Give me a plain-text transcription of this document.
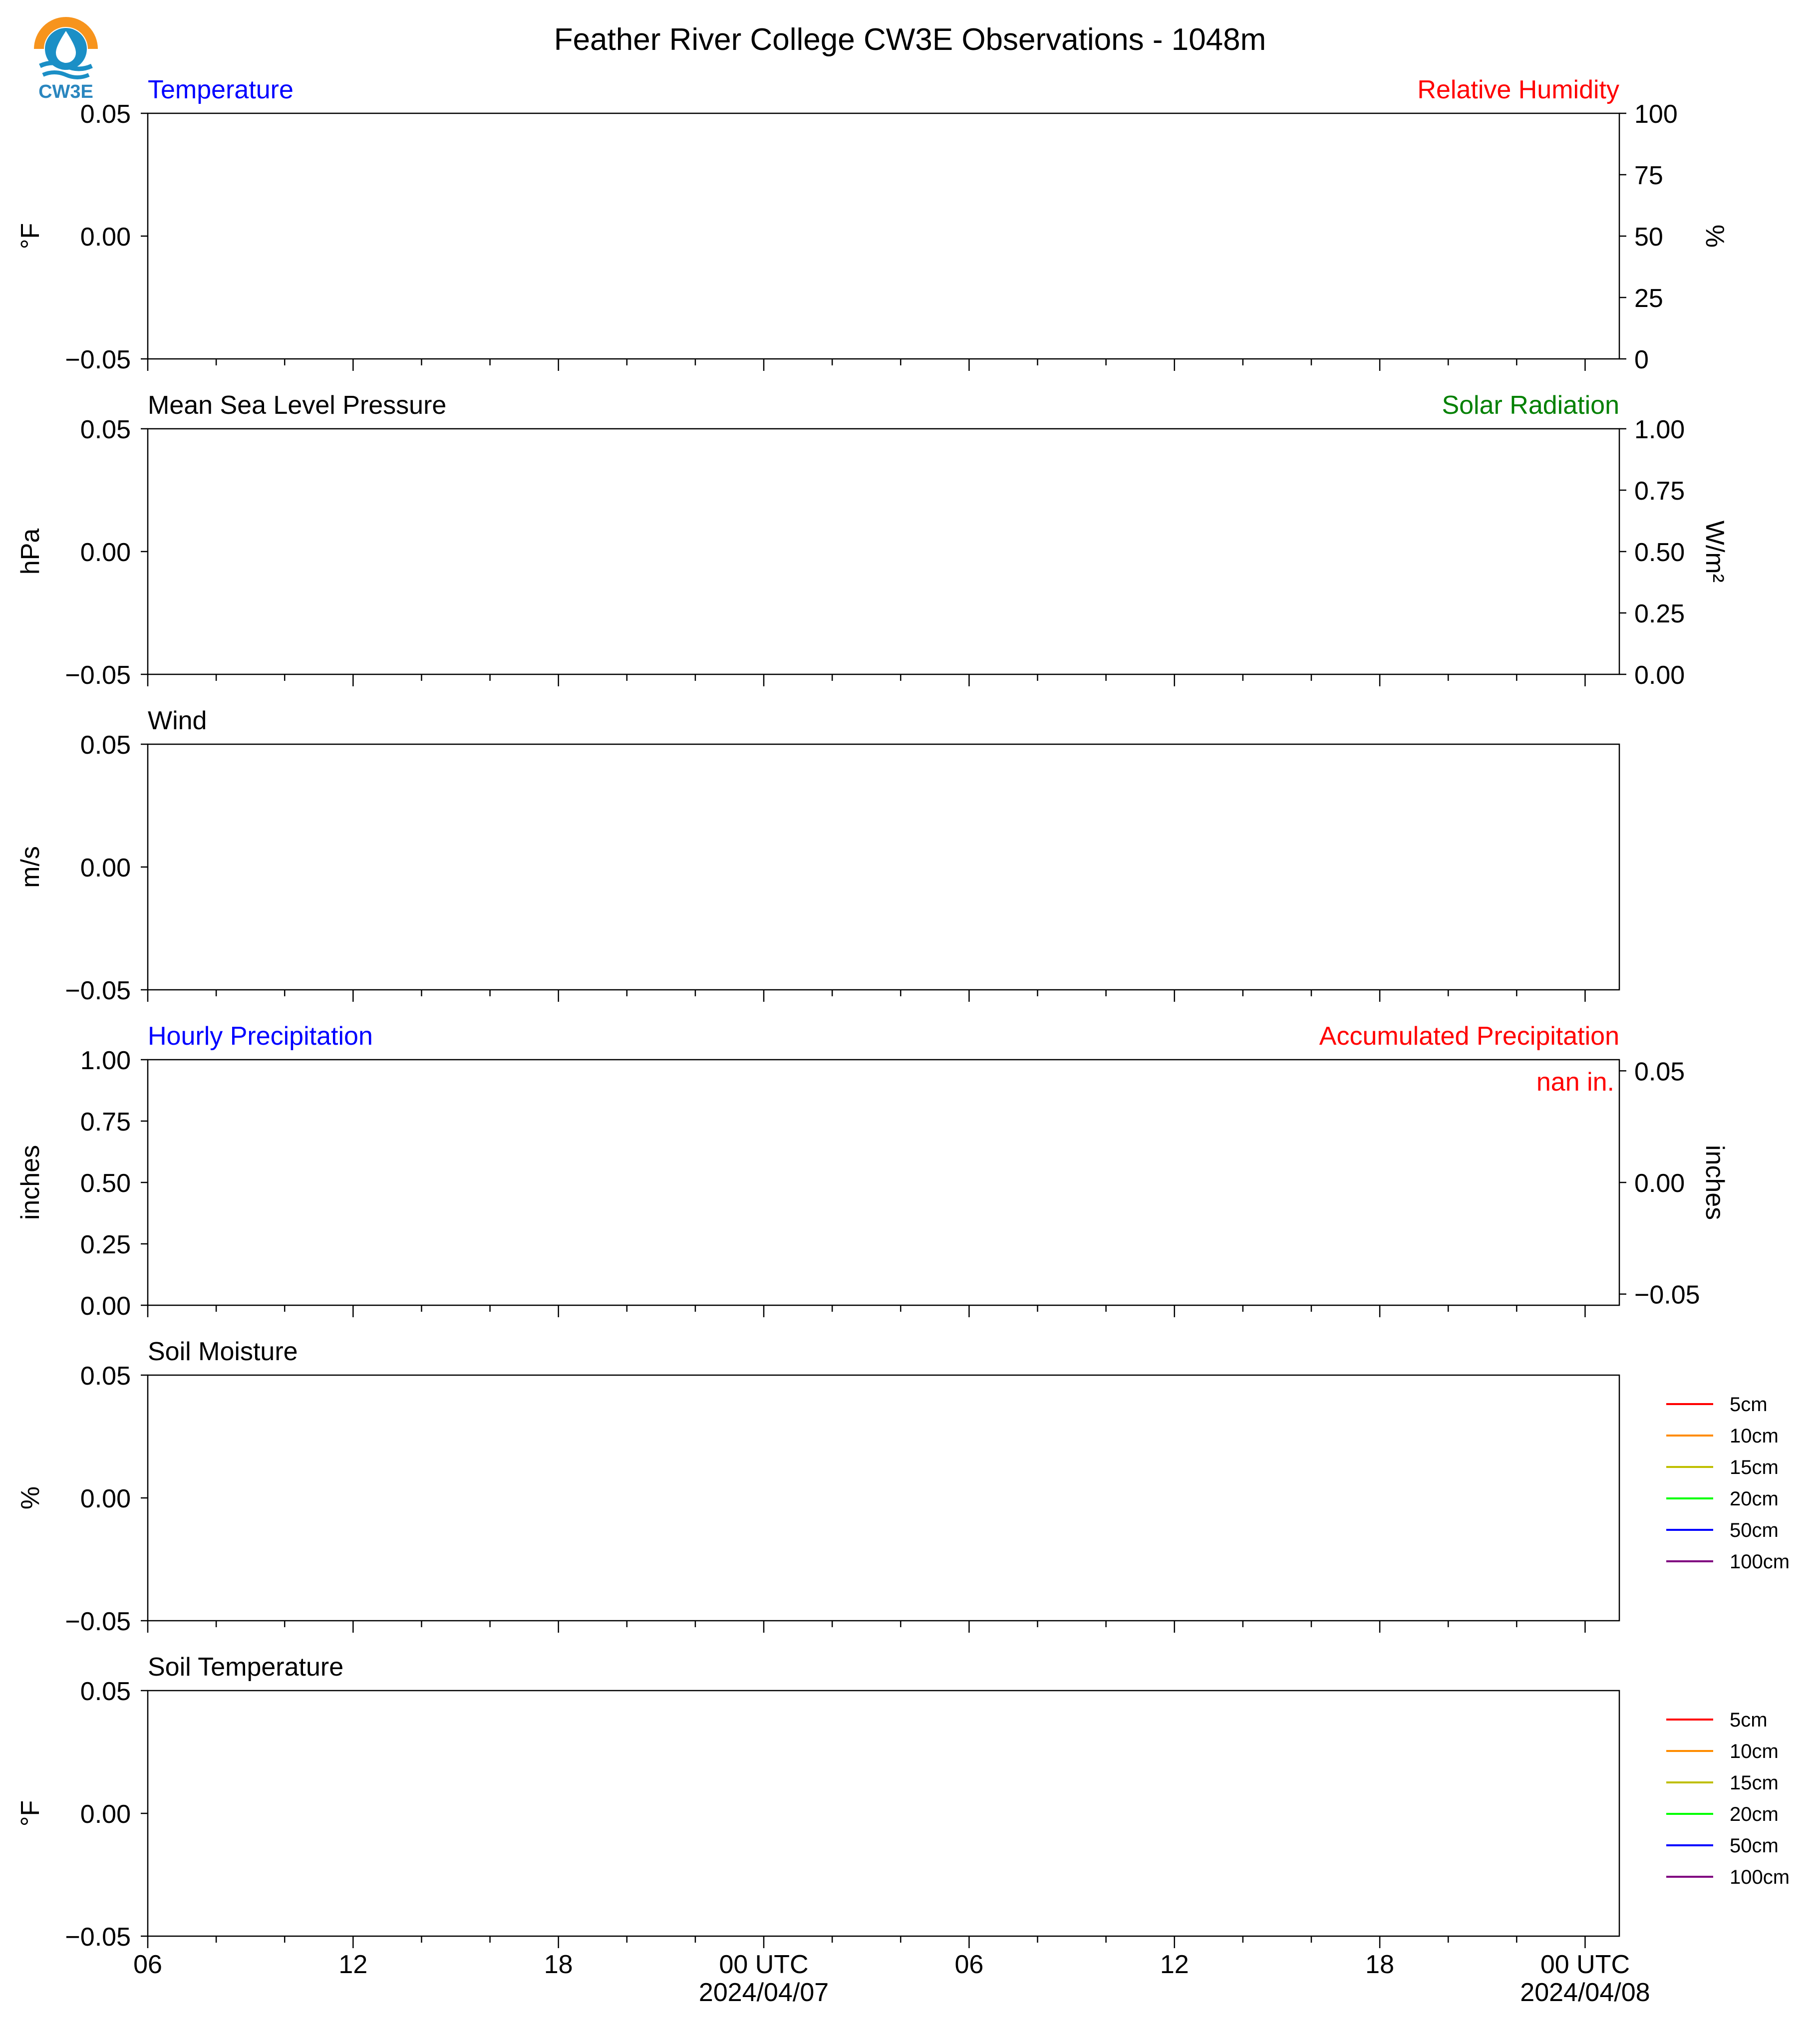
CW3E
Feather River College CW3E Observations - 1048m
Temperature	Relative Humidity
0.05
0.00
−0.05
°F
100
75
50
25
0
%
Mean Sea Level Pressure	Solar Radiation
0.05
0.00
−0.05
hPa
1.00
0.75
0.50
0.25
0.00
W/m²
Wind
0.05
0.00
−0.05
m/s
Hourly Precipitation	Accumulated Precipitation
1.00
0.75
0.50
0.25
0.00
inches
0.05
0.00
−0.05
inches
nan in.
Soil Moisture
0.05
0.00
−0.05
%
5cm
10cm
15cm
20cm
50cm
100cm
Soil Temperature
0.05
0.00
−0.05
°F
5cm
10cm
15cm
20cm
50cm
100cm
06	12	18	00 UTC
2024/04/07
06	12	18	00 UTC
2024/04/08
